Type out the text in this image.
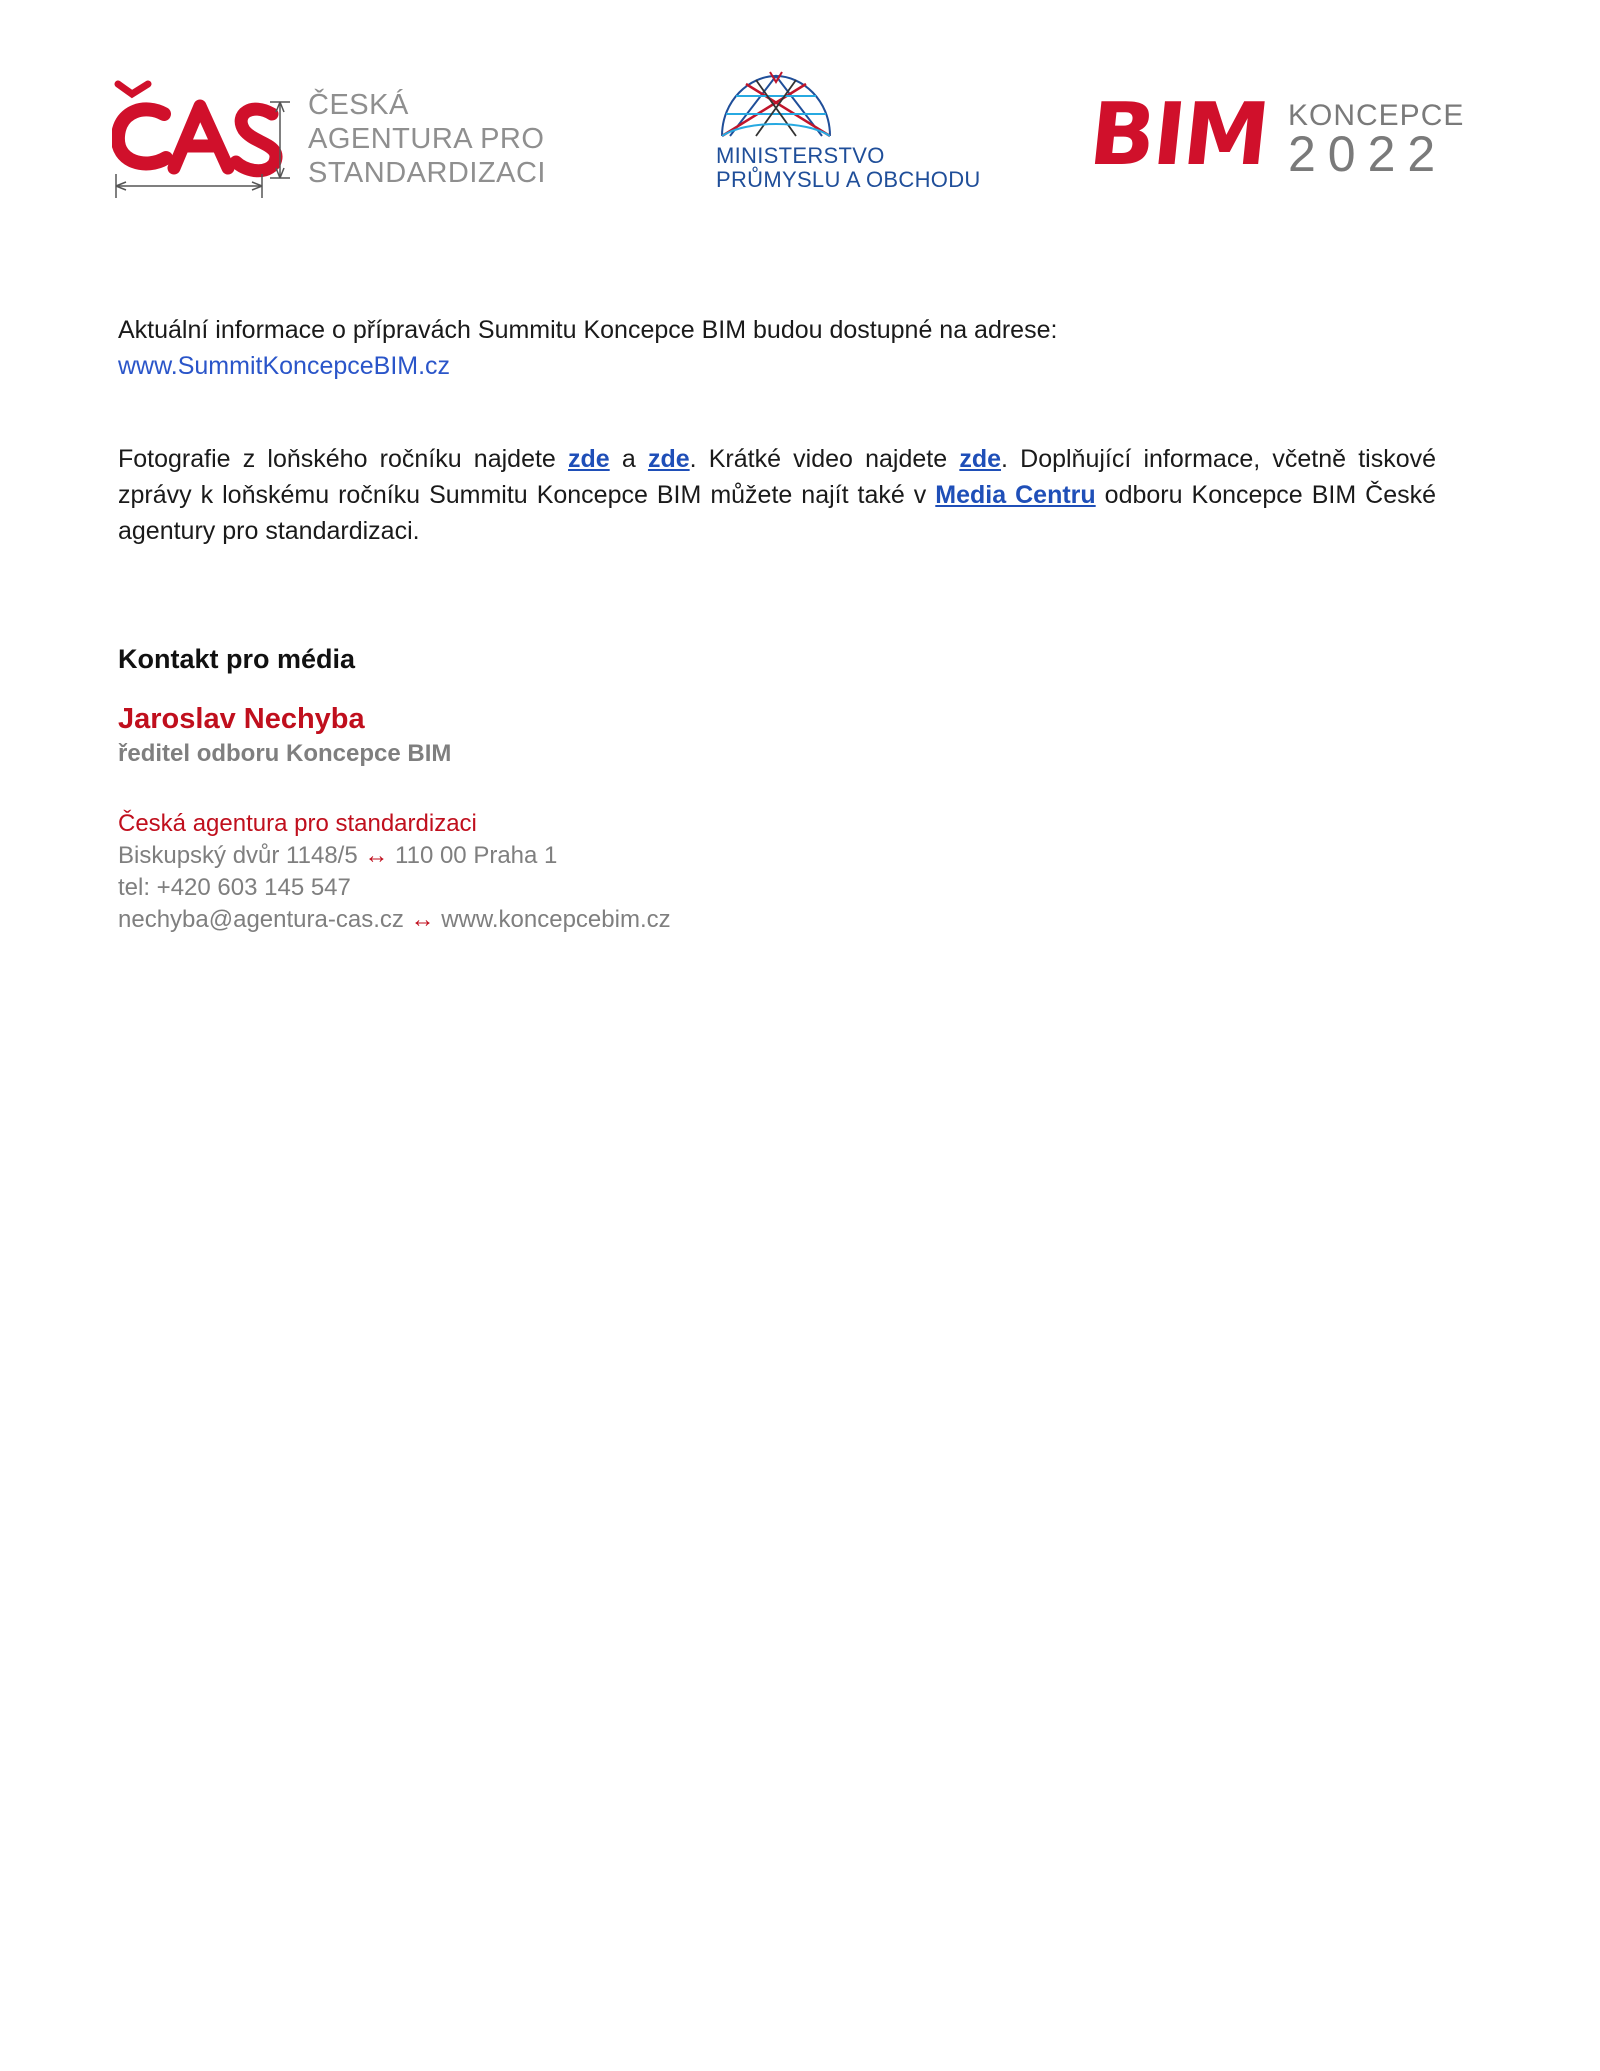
ČESKÁ
AGENTURA PRO
STANDARDIZACI
MINISTERSTVO
PRŮMYSLU A OBCHODU BIM KONCEPCE
2022
Aktuální informace o přípravách Summitu Koncepce BIM budou dostupné na adrese:
www.SummitKoncepceBIM.cz
Fotografie z loňského ročníku najdete zde a zde. Krátké video najdete zde. Doplňující informace, včetně tiskové zprávy k loňskému ročníku Summitu Koncepce BIM můžete najít také v Media Centru odboru Koncepce BIM České agentury pro standardizaci.
Kontakt pro média
Jaroslav Nechyba
ředitel odboru Koncepce BIM
Česká agentura pro standardizaci
Biskupský dvůr 1148/5 ↔ 110 00 Praha 1
tel: +420 603 145 547
nechyba@agentura-cas.cz ↔ www.koncepcebim.cz
